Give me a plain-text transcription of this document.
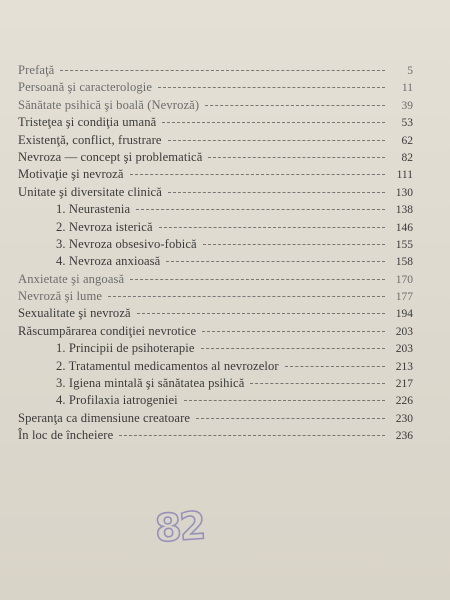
Prefaţă	5
Persoană şi caracterologie	11
Sănătate psihică şi boală (Nevroză)	39
Tristeţea şi condiţia umană	53
Existenţă, conflict, frustrare	62
Nevroza — concept şi problematică	82
Motivaţie şi nevroză	111
Unitate şi diversitate clinică	130
1. Neurastenia	138
2. Nevroza isterică	146
3. Nevroza obsesivo-fobică	155
4. Nevroza anxioasă	158
Anxietate şi angoasă	170
Nevroză şi lume	177
Sexualitate şi nevroză	194
Răscumpărarea condiţiei nevrotice	203
1. Principii de psihoterapie	203
2. Tratamentul medicamentos al nevrozelor	213
3. Igiena mintală şi sănătatea psihică	217
4. Profilaxia iatrogeniei	226
Speranţa ca dimensiune creatoare	230
În loc de încheiere	236
82
